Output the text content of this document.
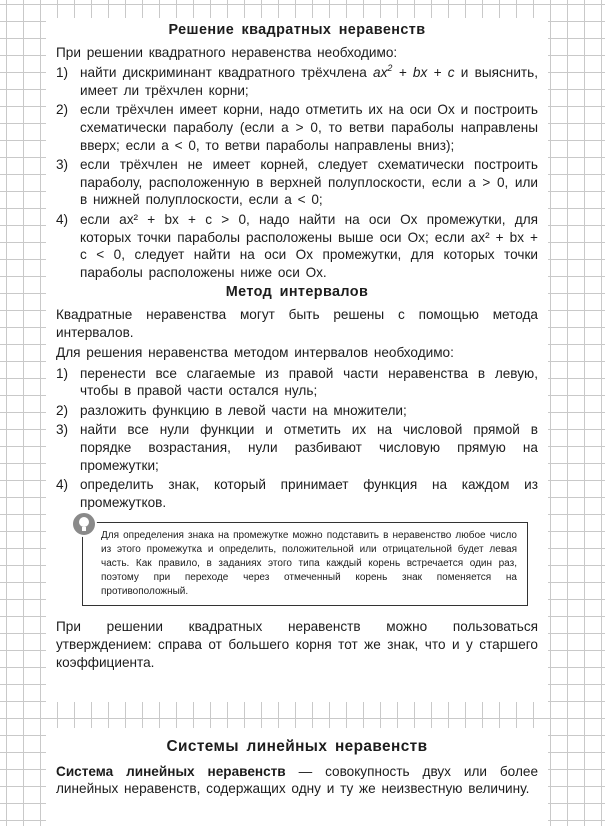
Решение квадратных неравенств

При решении квадратного неравенства необходимо:

1) найти дискриминант квадратного трёхчлена $ax^2$ + bx + c и выяснить, имеет ли трёхчлен корни;
2) если трёхчлен имеет корни, надо отметить их на оси Ox и построить схематически параболу (если a > 0, то ветви параболы направлены вверх; если a < 0, то ветви параболы направлены вниз);
3) если трёхчлен не имеет корней, следует схематически построить параболу, расположенную в верхней полуплоскости, если a > 0, или в нижней полуплоскости, если a < 0;
4) если ax² + bx + c > 0, надо найти на оси Ox промежутки, для которых точки параболы расположены выше оси Ox; если ax² + bx + c < 0, следует найти на оси Ox промежутки, для которых точки параболы расположены ниже оси Ox.
Метод интервалов

Квадратные неравенства могут быть решены с помощью метода интервалов.

Для решения неравенства методом интервалов необходимо:

1) перенести все слагаемые из правой части неравенства в левую, чтобы в правой части остался нуль;
2) разложить функцию в левой части на множители;
3) найти все нули функции и отметить их на числовой прямой в порядке возрастания, нули разбивают числовую прямую на промежутки;
4) определить знак, который принимает функция на каждом из промежутков.
Для определения знака на промежутке можно подставить в неравенство любое число из этого промежутка и определить, положительной или отрицательной будет левая часть. Как правило, в заданиях этого типа каждый корень встречается один раз, поэтому при переходе через отмеченный корень знак поменяется на противоположный.

При решении квадратных неравенств можно пользоваться утверждением: справа от большего корня тот же знак, что и у старшего коэффициента.

Системы линейных неравенств

Система линейных неравенств — совокупность двух или более линейных неравенств, содержащих одну и ту же неизвестную величину.
